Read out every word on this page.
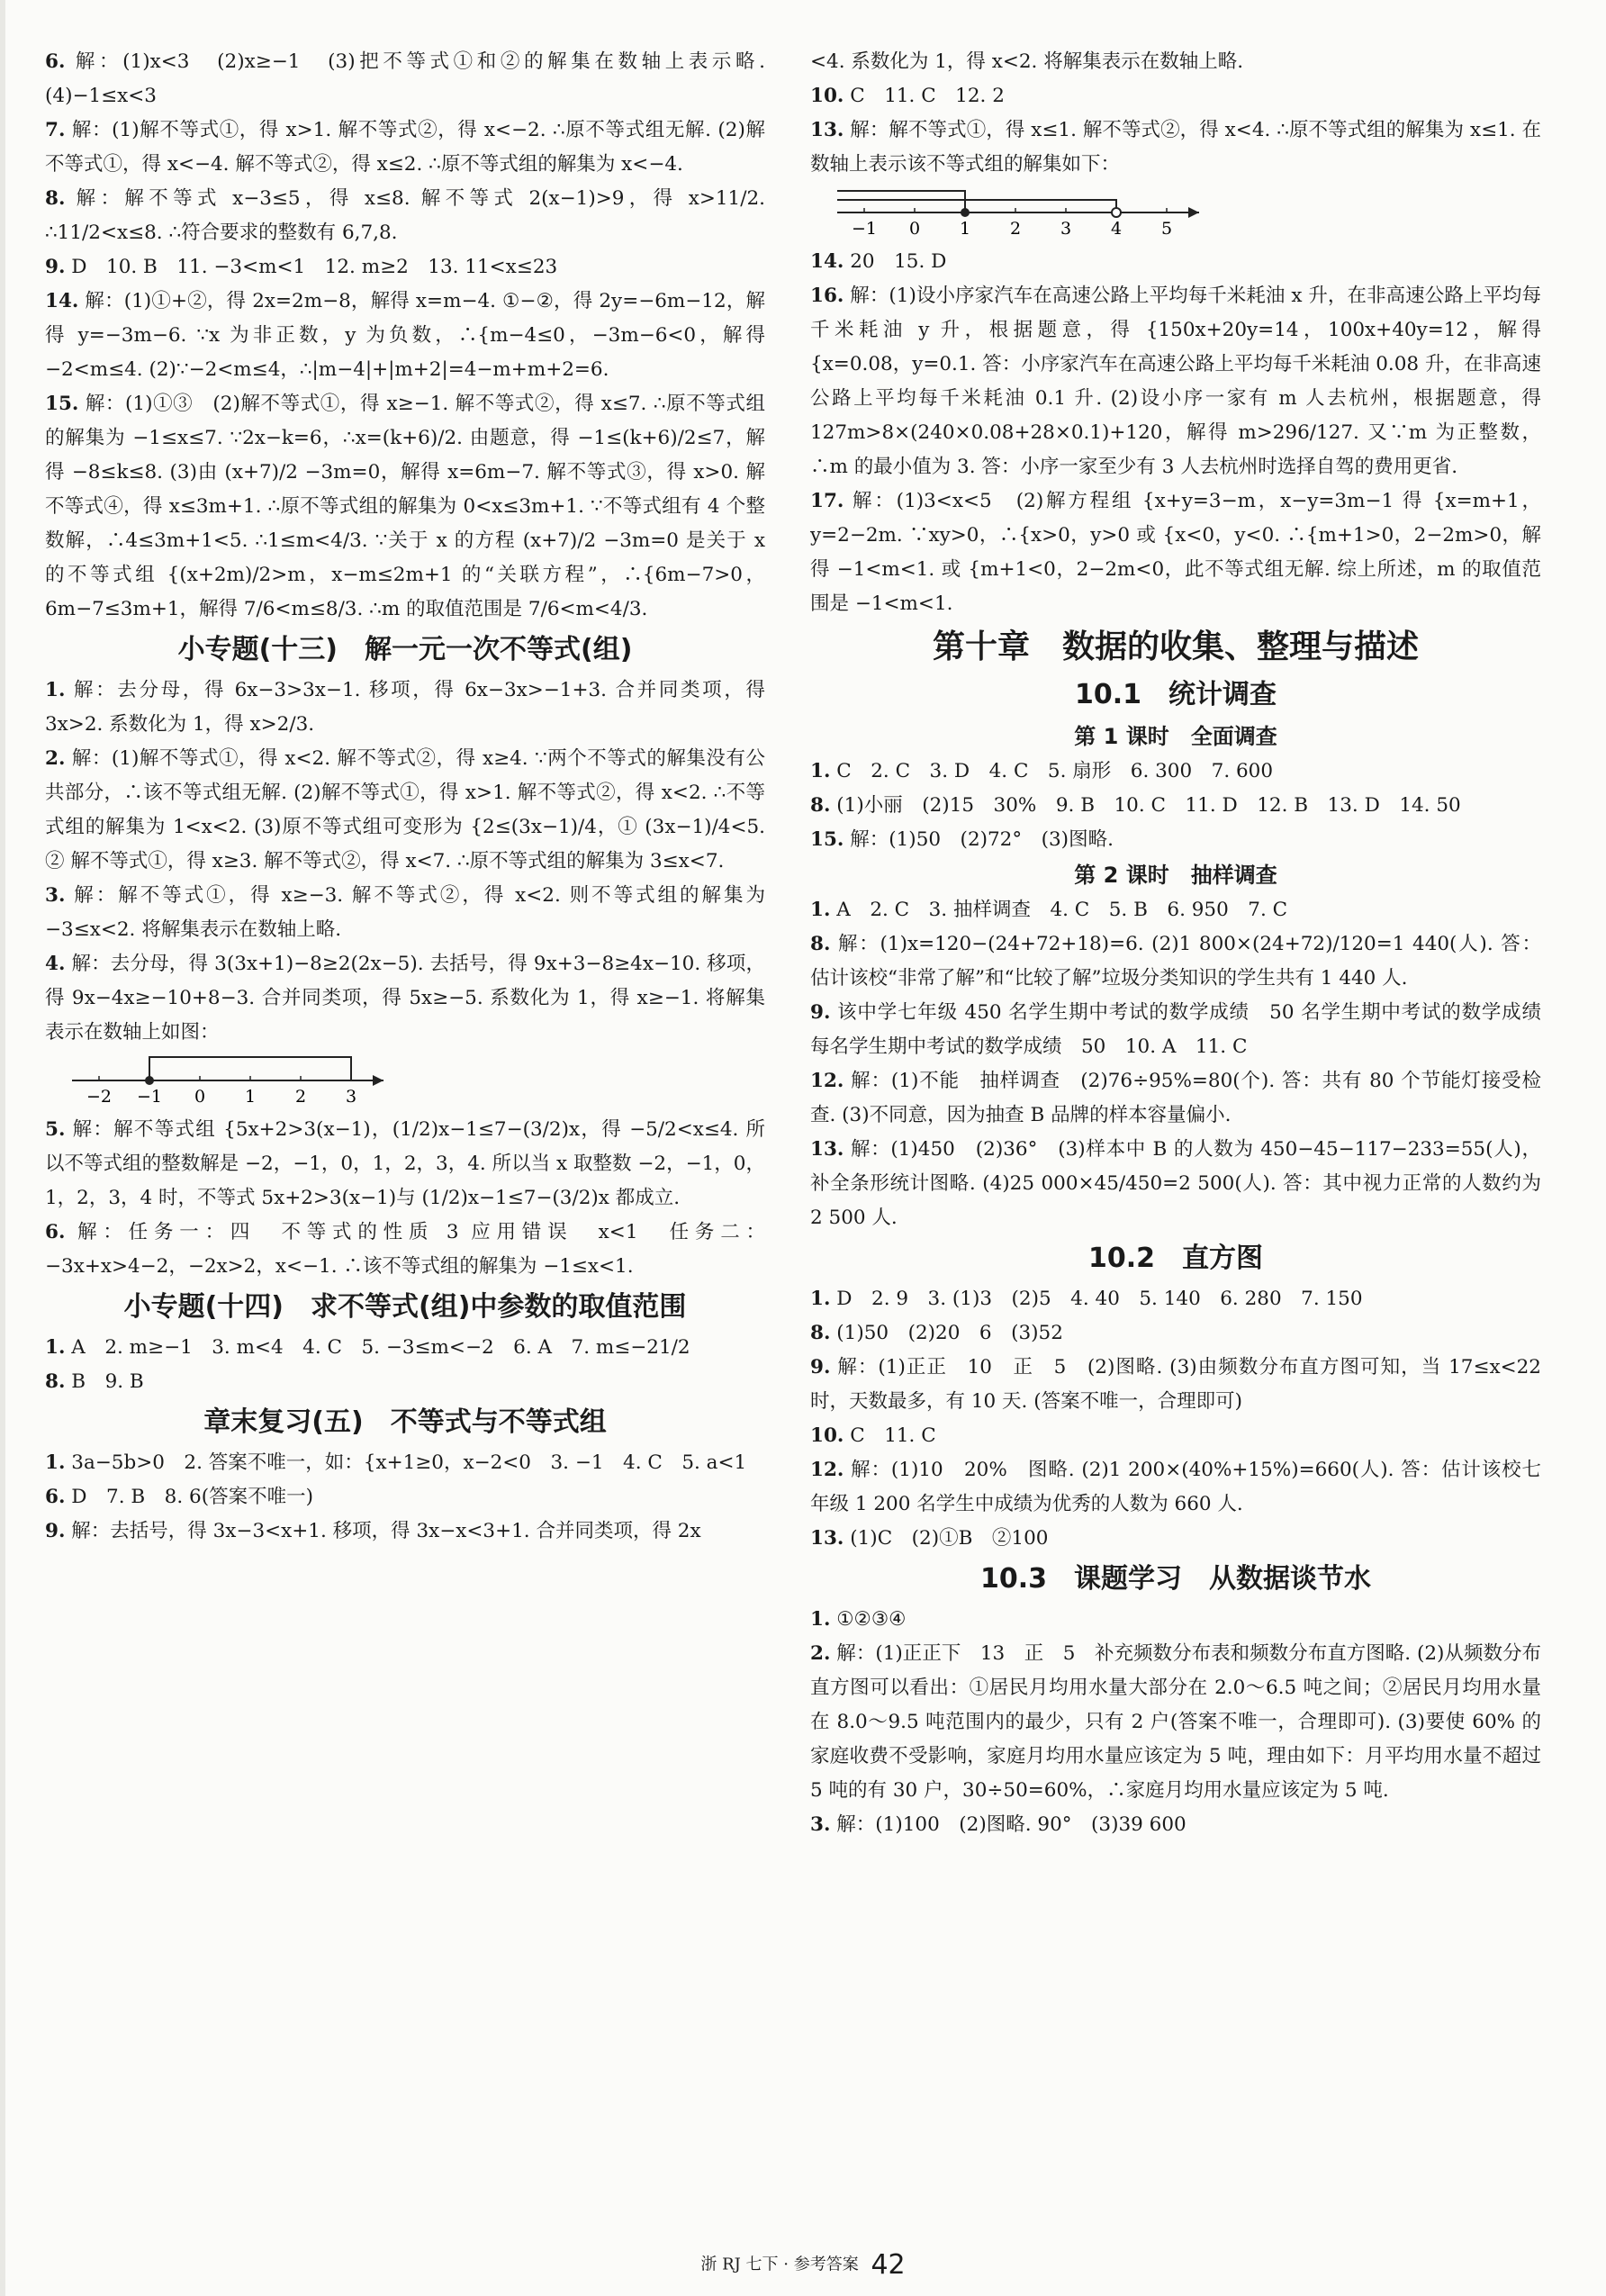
6. 解：(1)x<3　(2)x≥−1　(3)把不等式①和②的解集在数轴上表示略. (4)−1≤x<3
7. 解：(1)解不等式①，得 x>1. 解不等式②，得 x<−2. ∴原不等式组无解. (2)解不等式①，得 x<−4. 解不等式②，得 x≤2. ∴原不等式组的解集为 x<−4.
8. 解：解不等式 x−3≤5，得 x≤8. 解不等式 2(x−1)>9，得 x>11/2. ∴11/2<x≤8. ∴符合要求的整数有 6,7,8.
9. D　10. B　11. −3<m<1　12. m≥2　13. 11<x≤23
14. 解：(1)①+②，得 2x=2m−8，解得 x=m−4. ①−②，得 2y=−6m−12，解得 y=−3m−6. ∵x 为非正数，y 为负数，∴{m−4≤0，−3m−6<0，解得 −2<m≤4. (2)∵−2<m≤4，∴|m−4|+|m+2|=4−m+m+2=6.
15. 解：(1)①③　(2)解不等式①，得 x≥−1. 解不等式②，得 x≤7. ∴原不等式组的解集为 −1≤x≤7. ∵2x−k=6，∴x=(k+6)/2. 由题意，得 −1≤(k+6)/2≤7，解得 −8≤k≤8. (3)由 (x+7)/2 −3m=0，解得 x=6m−7. 解不等式③，得 x>0. 解不等式④，得 x≤3m+1. ∴原不等式组的解集为 0<x≤3m+1. ∵不等式组有 4 个整数解，∴4≤3m+1<5. ∴1≤m<4/3. ∵关于 x 的方程 (x+7)/2 −3m=0 是关于 x 的不等式组 {(x+2m)/2>m，x−m≤2m+1 的“关联方程”，∴{6m−7>0，6m−7≤3m+1，解得 7/6<m≤8/3. ∴m 的取值范围是 7/6<m<4/3.
小专题(十三)　解一元一次不等式(组)
1. 解：去分母，得 6x−3>3x−1. 移项，得 6x−3x>−1+3. 合并同类项，得 3x>2. 系数化为 1，得 x>2/3.
2. 解：(1)解不等式①，得 x<2. 解不等式②，得 x≥4. ∵两个不等式的解集没有公共部分，∴该不等式组无解. (2)解不等式①，得 x>1. 解不等式②，得 x<2. ∴不等式组的解集为 1<x<2. (3)原不等式组可变形为 {2≤(3x−1)/4，① (3x−1)/4<5. ② 解不等式①，得 x≥3. 解不等式②，得 x<7. ∴原不等式组的解集为 3≤x<7.
3. 解：解不等式①，得 x≥−3. 解不等式②，得 x<2. 则不等式组的解集为 −3≤x<2. 将解集表示在数轴上略.
4. 解：去分母，得 3(3x+1)−8≥2(2x−5). 去括号，得 9x+3−8≥4x−10. 移项，得 9x−4x≥−10+8−3. 合并同类项，得 5x≥−5. 系数化为 1，得 x≥−1. 将解集表示在数轴上如图：
−2 −1 0 1 2 3
5. 解：解不等式组 {5x+2>3(x−1)，(1/2)x−1≤7−(3/2)x，得 −5/2<x≤4. 所以不等式组的整数解是 −2，−1，0，1，2，3，4. 所以当 x 取整数 −2，−1，0，1，2，3，4 时，不等式 5x+2>3(x−1)与 (1/2)x−1≤7−(3/2)x 都成立.
6. 解：任务一：四　不等式的性质 3 应用错误　x<1　任务二：−3x+x>4−2，−2x>2，x<−1. ∴该不等式组的解集为 −1≤x<1.
小专题(十四)　求不等式(组)中参数的取值范围
1. A　2. m≥−1　3. m<4　4. C　5. −3≤m<−2　6. A　7. m≤−21/2
8. B　9. B
章末复习(五)　不等式与不等式组
1. 3a−5b>0　2. 答案不唯一，如：{x+1≥0，x−2<0　3. −1　4. C　5. a<1
6. D　7. B　8. 6(答案不唯一)
9. 解：去括号，得 3x−3<x+1. 移项，得 3x−x<3+1. 合并同类项，得 2x
<4. 系数化为 1，得 x<2. 将解集表示在数轴上略.
10. C　11. C　12. 2
13. 解：解不等式①，得 x≤1. 解不等式②，得 x<4. ∴原不等式组的解集为 x≤1. 在数轴上表示该不等式组的解集如下：
−1 0 1 2 3 4 5
14. 20　15. D
16. 解：(1)设小序家汽车在高速公路上平均每千米耗油 x 升，在非高速公路上平均每千米耗油 y 升，根据题意，得 {150x+20y=14，100x+40y=12，解得 {x=0.08，y=0.1. 答：小序家汽车在高速公路上平均每千米耗油 0.08 升，在非高速公路上平均每千米耗油 0.1 升. (2)设小序一家有 m 人去杭州，根据题意，得 127m>8×(240×0.08+28×0.1)+120，解得 m>296/127. 又∵m 为正整数，∴m 的最小值为 3. 答：小序一家至少有 3 人去杭州时选择自驾的费用更省.
17. 解：(1)3<x<5　(2)解方程组 {x+y=3−m，x−y=3m−1 得 {x=m+1，y=2−2m. ∵xy>0，∴{x>0，y>0 或 {x<0，y<0. ∴{m+1>0，2−2m>0，解得 −1<m<1. 或 {m+1<0，2−2m<0，此不等式组无解. 综上所述，m 的取值范围是 −1<m<1.
第十章　数据的收集、整理与描述
10.1　统计调查
第 1 课时　全面调查
1. C　2. C　3. D　4. C　5. 扇形　6. 300　7. 600
8. (1)小丽　(2)15　30%　9. B　10. C　11. D　12. B　13. D　14. 50
15. 解：(1)50　(2)72°　(3)图略.
第 2 课时　抽样调查
1. A　2. C　3. 抽样调查　4. C　5. B　6. 950　7. C
8. 解：(1)x=120−(24+72+18)=6. (2)1 800×(24+72)/120=1 440(人). 答：估计该校“非常了解”和“比较了解”垃圾分类知识的学生共有 1 440 人.
9. 该中学七年级 450 名学生期中考试的数学成绩　50 名学生期中考试的数学成绩　每名学生期中考试的数学成绩　50　10. A　11. C
12. 解：(1)不能　抽样调查　(2)76÷95%=80(个). 答：共有 80 个节能灯接受检查. (3)不同意，因为抽查 B 品牌的样本容量偏小.
13. 解：(1)450　(2)36°　(3)样本中 B 的人数为 450−45−117−233=55(人)，补全条形统计图略. (4)25 000×45/450=2 500(人). 答：其中视力正常的人数约为 2 500 人.
10.2　直方图
1. D　2. 9　3. (1)3　(2)5　4. 40　5. 140　6. 280　7. 150
8. (1)50　(2)20　6　(3)52
9. 解：(1)正正　10　正　5　(2)图略. (3)由频数分布直方图可知，当 17≤x<22 时，天数最多，有 10 天. (答案不唯一，合理即可)
10. C　11. C
12. 解：(1)10　20%　图略. (2)1 200×(40%+15%)=660(人). 答：估计该校七年级 1 200 名学生中成绩为优秀的人数为 660 人.
13. (1)C　(2)①B　②100
10.3　课题学习　从数据谈节水
1. ①②③④
2. 解：(1)正正下　13　正　5　补充频数分布表和频数分布直方图略. (2)从频数分布直方图可以看出：①居民月均用水量大部分在 2.0～6.5 吨之间；②居民月均用水量在 8.0～9.5 吨范围内的最少，只有 2 户(答案不唯一，合理即可). (3)要使 60% 的家庭收费不受影响，家庭月均用水量应该定为 5 吨，理由如下：月平均用水量不超过 5 吨的有 30 户，30÷50=60%，∴家庭月均用水量应该定为 5 吨.
3. 解：(1)100　(2)图略. 90°　(3)39 600
浙 RJ 七下 · 参考答案 42
